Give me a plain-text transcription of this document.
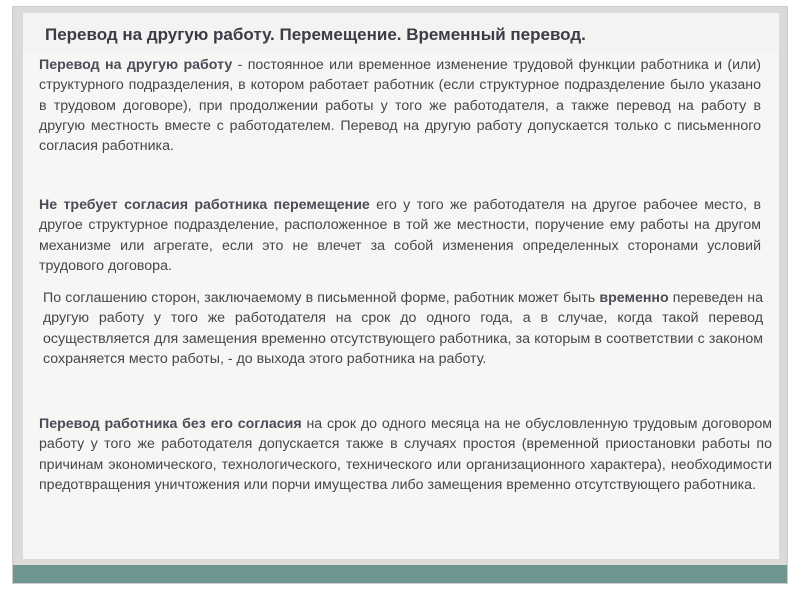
Перевод на другую работу. Перемещение. Временный перевод.

Перевод на другую работу - постоянное или временное изменение трудовой функции работника и (или) структурного подразделения, в котором работает работник (если структурное подразделение было указано в трудовом договоре), при продолжении работы у того же работодателя, а также перевод на работу в другую местность вместе с работодателем. Перевод на другую работу допускается только с письменного согласия работника.

Не требует согласия работника перемещение его у того же работодателя на другое рабочее место, в другое структурное подразделение, расположенное в той же местности, поручение ему работы на другом механизме или агрегате, если это не влечет за собой изменения определенных сторонами условий трудового договора.

По соглашению сторон, заключаемому в письменной форме, работник может быть временно переведен на другую работу у того же работодателя на срок до одного года, а в случае, когда такой перевод осуществляется для замещения временно отсутствующего работника, за которым в соответствии с законом сохраняется место работы, - до выхода этого работника на работу.

Перевод работника без его согласия на срок до одного месяца на не обусловленную трудовым договором работу у того же работодателя допускается также в случаях простоя (временной приостановки работы по причинам экономического, технологического, технического или организационного характера), необходимости предотвращения уничтожения или порчи имущества либо замещения временно отсутствующего работника.
